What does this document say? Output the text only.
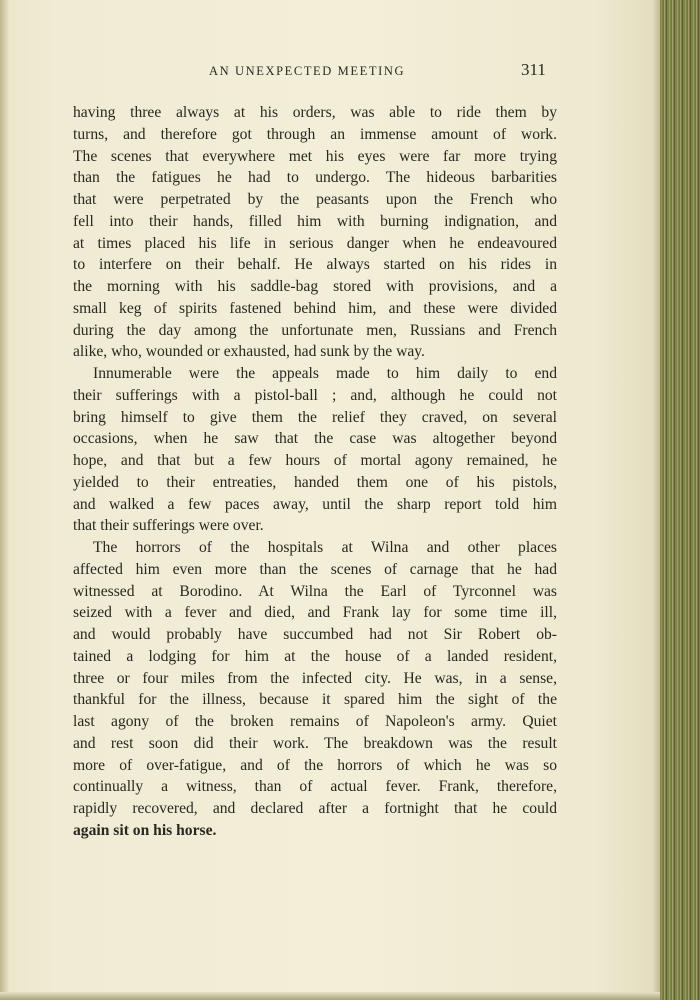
AN UNEXPECTED MEETING	311
having three always at his orders, was able to ride them by
turns, and therefore got through an immense amount of work.
The scenes that everywhere met his eyes were far more trying
than the fatigues he had to undergo. The hideous barbarities
that were perpetrated by the peasants upon the French who
fell into their hands, filled him with burning indignation, and
at times placed his life in serious danger when he endeavoured
to interfere on their behalf. He always started on his rides in
the morning with his saddle-bag stored with provisions, and a
small keg of spirits fastened behind him, and these were divided
during the day among the unfortunate men, Russians and French
alike, who, wounded or exhausted, had sunk by the way.
Innumerable were the appeals made to him daily to end
their sufferings with a pistol-ball ; and, although he could not
bring himself to give them the relief they craved, on several
occasions, when he saw that the case was altogether beyond
hope, and that but a few hours of mortal agony remained, he
yielded to their entreaties, handed them one of his pistols,
and walked a few paces away, until the sharp report told him
that their sufferings were over.
The horrors of the hospitals at Wilna and other places
affected him even more than the scenes of carnage that he had
witnessed at Borodino. At Wilna the Earl of Tyrconnel was
seized with a fever and died, and Frank lay for some time ill,
and would probably have succumbed had not Sir Robert ob-
tained a lodging for him at the house of a landed resident,
three or four miles from the infected city. He was, in a sense,
thankful for the illness, because it spared him the sight of the
last agony of the broken remains of Napoleon's army. Quiet
and rest soon did their work. The breakdown was the result
more of over-fatigue, and of the horrors of which he was so
continually a witness, than of actual fever. Frank, therefore,
rapidly recovered, and declared after a fortnight that he could
again sit on his horse.
